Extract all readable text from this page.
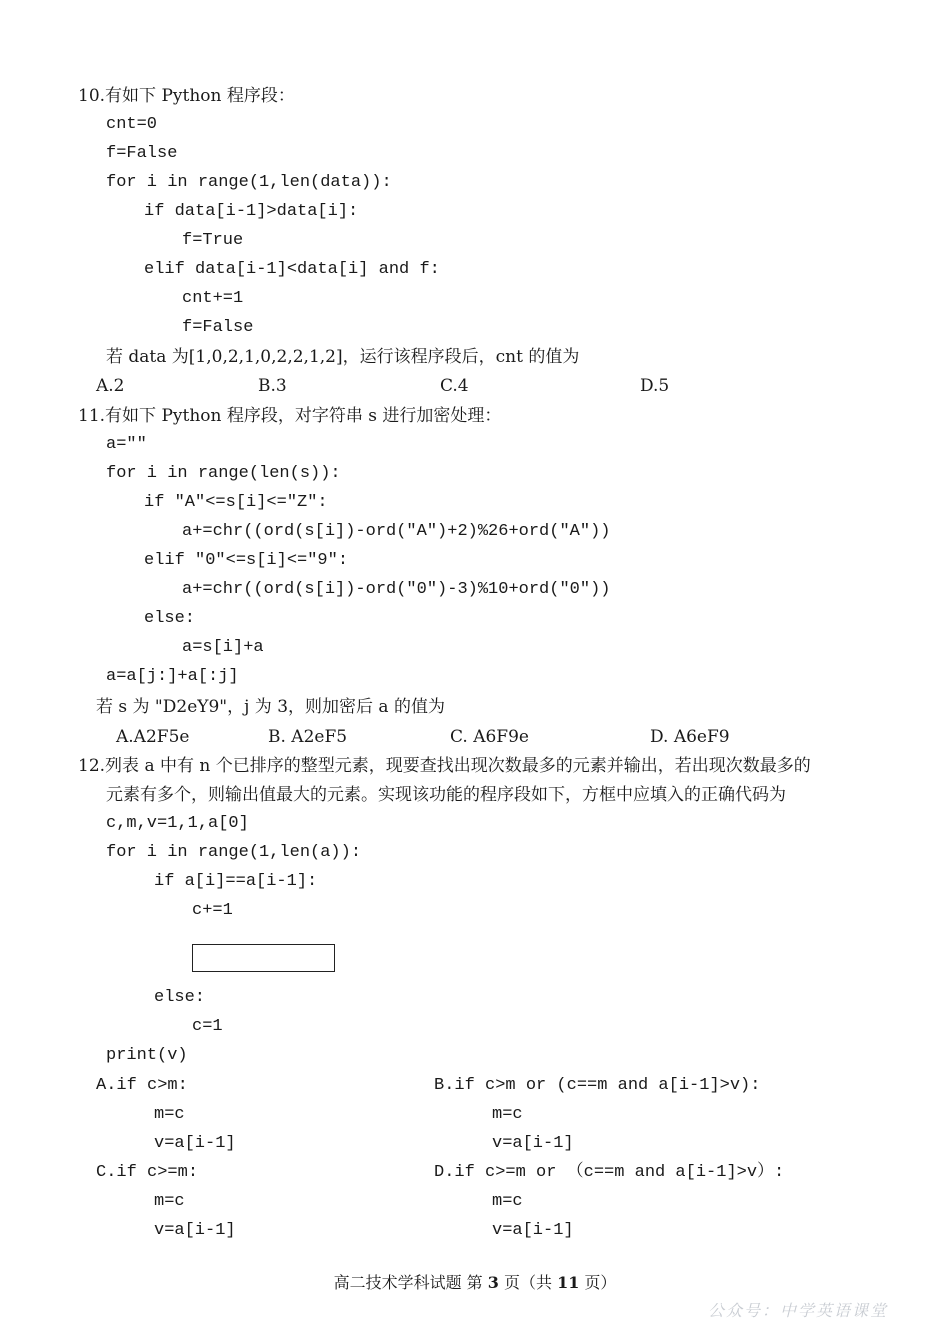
10.有如下 Python 程序段：
cnt=0
f=False
for i in range(1,len(data)):
if data[i-1]>data[i]:
f=True
elif data[i-1]<data[i] and f:
cnt+=1
f=False
若 data 为[1,0,2,1,0,2,2,1,2]，运行该程序段后，cnt 的值为
A.2	B.3	C.4	D.5
11.有如下 Python 程序段，对字符串 s 进行加密处理：
a=""
for i in range(len(s)):
if "A"<=s[i]<="Z":
a+=chr((ord(s[i])-ord("A")+2)%26+ord("A"))
elif "0"<=s[i]<="9":
a+=chr((ord(s[i])-ord("0")-3)%10+ord("0"))
else:
a=s[i]+a
a=a[j:]+a[:j]
若 s 为 "D2eY9"，j 为 3，则加密后 a 的值为
A.A2F5e	B. A2eF5	C. A6F9e	D. A6eF9
12.列表 a 中有 n 个已排序的整型元素，现要查找出现次数最多的元素并输出，若出现次数最多的
元素有多个，则输出值最大的元素。实现该功能的程序段如下，方框中应填入的正确代码为
c,m,v=1,1,a[0]
for i in range(1,len(a)):
if a[i]==a[i-1]:
c+=1
else:
c=1
print(v)
A.if c>m:
m=c
v=a[i-1]
B.if c>m or (c==m and a[i-1]>v):
m=c
v=a[i-1]
C.if c>=m:
m=c
v=a[i-1]
D.if c>=m or （c==m and a[i-1]>v）:
m=c
v=a[i-1]
高二技术学科试题 第 3 页（共 11 页）
公众号：中学英语课堂
